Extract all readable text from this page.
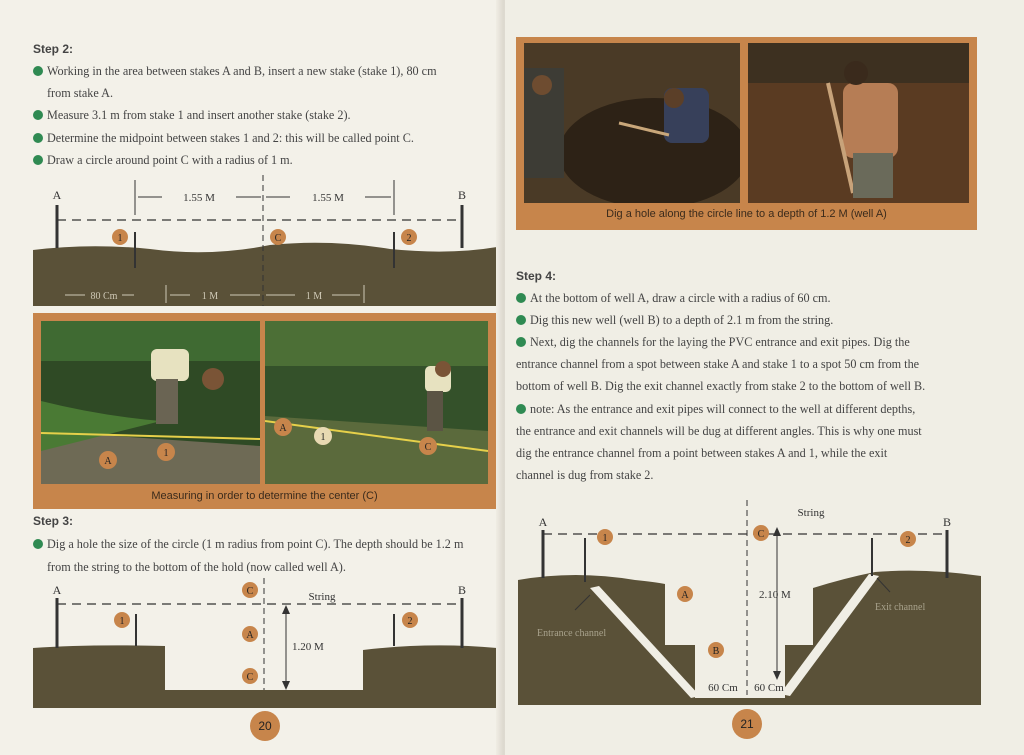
Step 2:
Working in the area between stakes A and B, insert a new stake (stake 1), 80 cm
from stake A.
Measure 3.1 m from stake 1 and insert another stake (stake 2).
Determine the midpoint between stakes 1 and 2: this will be called point C.
Draw a circle around point C with a radius of 1 m.
A	B
1.55 M	1.55 M
1	C	2
80 Cm	1 M	1 M
A
1
A
1
C
Measuring in order to determine the center (C)
Step 3:
Dig a hole the size of the circle (1 m radius from point C). The depth should be 1.2 m
from the string to the bottom of the hold (now called well A).
A	B
String
1.20 M
1	2
C
A
C
20
Dig a hole along the circle line to a depth of 1.2 M (well A)
Step 4:
At the bottom of well A, draw a circle with a radius of 60 cm.
Dig this new well (well B) to a depth of 2.1 m from the string.
Next, dig the channels for the laying the PVC entrance and exit pipes. Dig the
entrance channel from a spot between stake A and stake 1 to a spot 50 cm from the
bottom of well B. Dig the exit channel exactly from stake 2 to the bottom of well B.
note: As the entrance and exit pipes will connect to the well at different depths,
the entrance and exit channels will be dug at different angles. This is why one must
dig the entrance channel from a point between stakes A and 1, while the exit
channel is dug from stake 2.
A	B
String
2.10 M
Entrance channel
Exit channel
60 Cm 60 Cm
1	C
2
A
B
21
